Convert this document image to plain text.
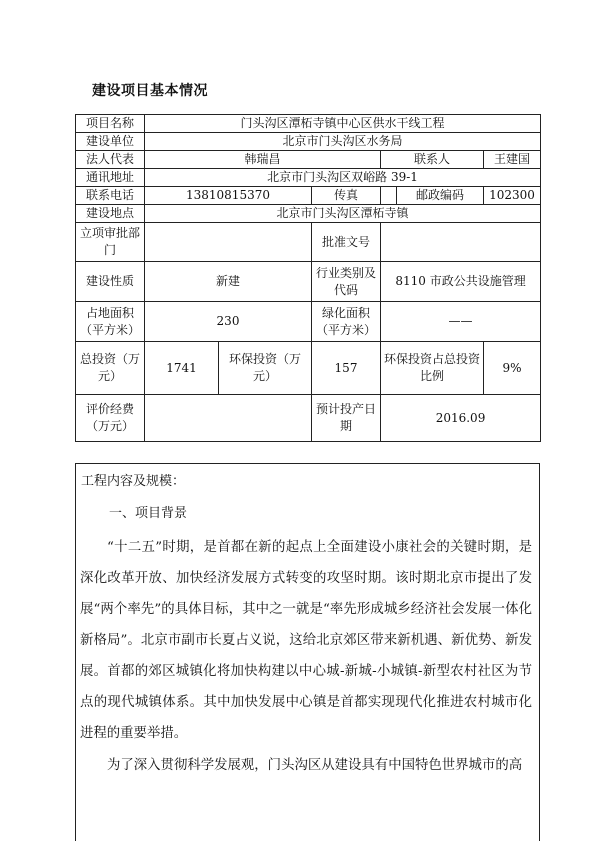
建设项目基本情况
项目名称	门头沟区潭柘寺镇中心区供水干线工程					
建设单位	北京市门头沟区水务局					
法人代表	韩瑞昌			联系人		王建国
通讯地址	北京市门头沟区双峪路 39-1					
联系电话	13810815370		传真		邮政编码	102300
建设地点	北京市门头沟区潭柘寺镇					
立项审批部门			批准文号			
建设性质	新建		行业类别及代码	8110 市政公共设施管理		
占地面积（平方米）	230		绿化面积（平方米）	——		
总投资（万元）	1741	环保投资（万元）	157	环保投资占总投资比例		9%
评价经费（万元）			预计投产日期	2016.09		
工程内容及规模：
一、项目背景

“十二五”时期，是首都在新的起点上全面建设小康社会的关键时期，是深化改革开放、加快经济发展方式转变的攻坚时期。该时期北京市提出了发展“两个率先”的具体目标，其中之一就是“率先形成城乡经济社会发展一体化新格局”。北京市副市长夏占义说，这给北京郊区带来新机遇、新优势、新发展。首都的郊区城镇化将加快构建以中心城-新城-小城镇-新型农村社区为节点的现代城镇体系。其中加快发展中心镇是首都实现现代化推进农村城市化进程的重要举措。

为了深入贯彻科学发展观，门头沟区从建设具有中国特色世界城市的高
